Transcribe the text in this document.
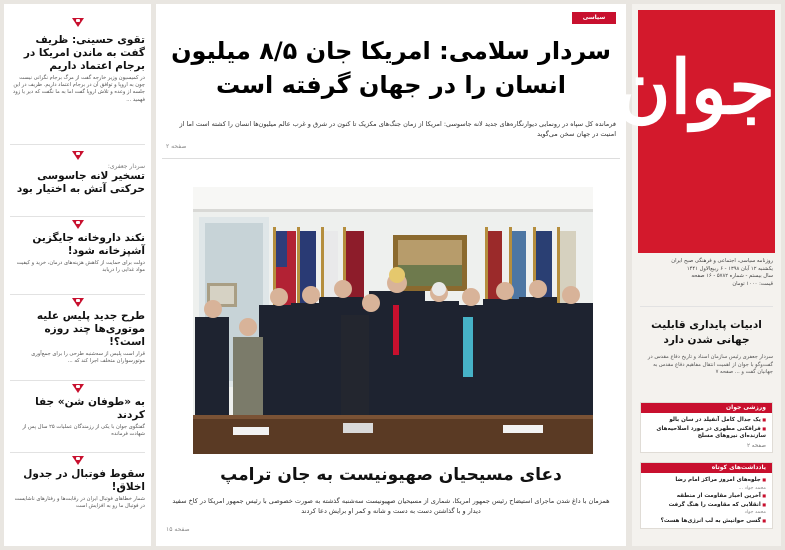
تقوی حسینی: ظریف گفت به ماندن امریکا در برجام اعتماد داریم
در کمیسیون وزیر خارجه گفت از مرگ برجام نگرانی نیست چون به اروپا و توافق آن در برجام اعتماد داریم. ظریف در این جلسه از وعده و تلاش اروپا گفت اما به ما نگفت که دیر یا زود فهمید ...
سردار جعفری:
تسخیر لانه جاسوسی حرکتی آتش به اختیار بود
نکند داروخانه جایگزین آشپزخانه شود!
دولت برای حمایت از کاهش هزینه‌های درمان، خرید و کیفیت مواد غذایی را دریابد
طرح جدید پلیس علیه موتوری‌ها چند روزه است؟!
قرار است پلیس از سه‌شنبه طرحی را برای جمع‌آوری موتورسواران متخلف اجرا کند که ...
به «طوفان شن» جفا کردند
گفتگوی جوان با یکی از رزمندگان عملیات ۲۵ سال پس از شهادت فرمانده
سقوط فوتبال در جدول اخلاق!
شمار خطاهای فوتبال ایران در رقابت‌ها و رفتارهای ناشایست در فوتبال ما رو به افزایش است
سیاسی
سردار سلامی: امریکا جان ۸/۵ میلیون انسان را در جهان گرفته است
فرمانده کل سپاه در رونمایی دیوارنگاره‌های جدید لانه جاسوسی: امریکا از زمان جنگ‌های مکزیک تا کنون در شرق و غرب عالم میلیون‌ها انسان را کشته است اما از امنیت در جهان سخن می‌گوید
صفحه ۲
دعای مسیحیان صهیونیست به جان ترامپ
همزمان با داغ شدن ماجرای استیضاح رئیس جمهور امریکا، شماری از مسیحیان صهیونیست سه‌شنبه گذشته به صورت خصوصی با رئیس جمهور امریکا در کاخ سفید دیدار و با گذاشتن دست به دست و شانه و کمر او برایش دعا کردند
صفحه ۱۵
جوان
روزنامه سیاسی، اجتماعی و فرهنگی صبح ایران
یکشنبه ۱۲ آبان ۱۳۹۸ - ۶ ربیع‌الاول ۱۴۴۱
سال بیستم - شماره ۵۷۸۲ - ۱۶ صفحه
قیمت: ۱۰۰۰ تومان
ادبیات پایداری قابلیت جهانی شدن دارد
سردار جعفری رئیس سازمان اسناد و تاریخ دفاع مقدس در گفت‌وگو با جوان از اهمیت انتقال مفاهیم دفاع مقدس به جهانیان گفت و ... صفحه ۷
ورزشی جوان
■ یک جدال کامل آنفیلد در سان بالو
■ فرافکنی مطهری در مورد اصلاحیه‌های سازنده‌ای نیروهای مسلح
صفحه ۲
یادداشت‌های کوتاه
■ جلوه‌های امروز مراکز امام رضا
محمد جواد ...
■ آخرین اخبار مقاومت از منطقه
■ انقلابی که مقاومت را هنگ گرفت
محمد جواد
■ گسی حوانیش به لب انرژی‌ها هست؟
